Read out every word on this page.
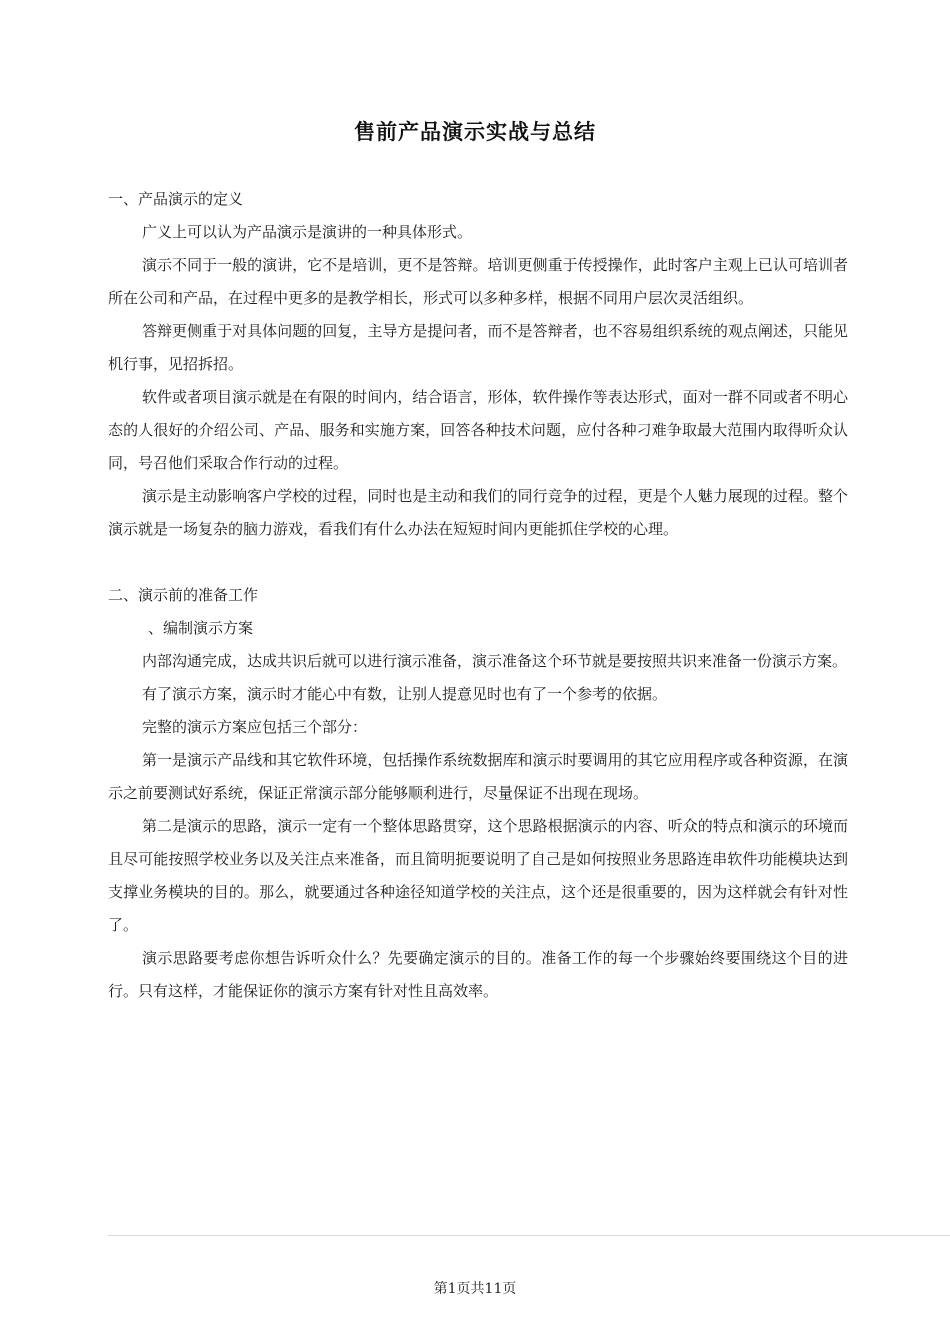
售前产品演示实战与总结

一、产品演示的定义

广义上可以认为产品演示是演讲的一种具体形式。

演示不同于一般的演讲，它不是培训，更不是答辩。培训更侧重于传授操作，此时客户主观上已认可培训者所在公司和产品，在过程中更多的是教学相长，形式可以多种多样，根据不同用户层次灵活组织。

答辩更侧重于对具体问题的回复，主导方是提问者，而不是答辩者，也不容易组织系统的观点阐述，只能见机行事，见招拆招。

软件或者项目演示就是在有限的时间内，结合语言，形体，软件操作等表达形式，面对一群不同或者不明心态的人很好的介绍公司、产品、服务和实施方案，回答各种技术问题，应付各种刁难争取最大范围内取得听众认同，号召他们采取合作行动的过程。

演示是主动影响客户学校的过程，同时也是主动和我们的同行竞争的过程，更是个人魅力展现的过程。整个演示就是一场复杂的脑力游戏，看我们有什么办法在短短时间内更能抓住学校的心理。

二、演示前的准备工作

、编制演示方案

内部沟通完成，达成共识后就可以进行演示准备，演示准备这个环节就是要按照共识来准备一份演示方案。

有了演示方案，演示时才能心中有数，让别人提意见时也有了一个参考的依据。

完整的演示方案应包括三个部分：

第一是演示产品线和其它软件环境，包括操作系统数据库和演示时要调用的其它应用程序或各种资源，在演示之前要测试好系统，保证正常演示部分能够顺利进行，尽量保证不出现在现场。

第二是演示的思路，演示一定有一个整体思路贯穿，这个思路根据演示的内容、听众的特点和演示的环境而且尽可能按照学校业务以及关注点来准备，而且简明扼要说明了自己是如何按照业务思路连串软件功能模块达到支撑业务模块的目的。那么，就要通过各种途径知道学校的关注点，这个还是很重要的，因为这样就会有针对性了。

演示思路要考虑你想告诉听众什么？先要确定演示的目的。准备工作的每一个步骤始终要围绕这个目的进行。只有这样，才能保证你的演示方案有针对性且高效率。

第1页共11页
